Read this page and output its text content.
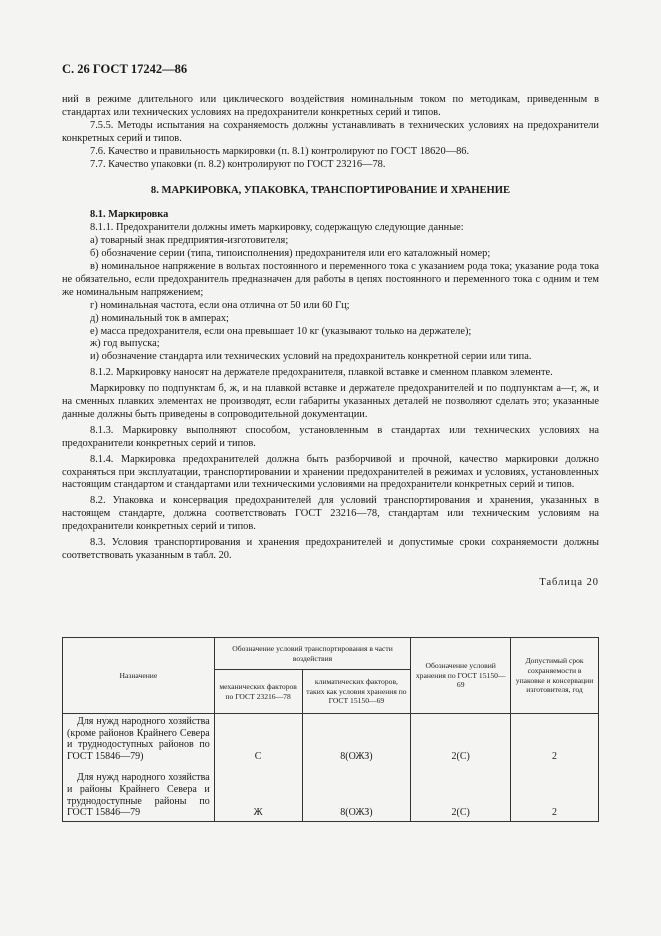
С. 26 ГОСТ 17242—86

ний в режиме длительного или циклического воздействия номинальным током по методикам, приведенным в стандартах или технических условиях на предохранители конкретных серий и типов.

7.5.5. Методы испытания на сохраняемость должны устанавливать в технических условиях на предохранители конкретных серий и типов.

7.6. Качество и правильность маркировки (п. 8.1) контролируют по ГОСТ 18620—86.

7.7. Качество упаковки (п. 8.2) контролируют по ГОСТ 23216—78.

8. МАРКИРОВКА, УПАКОВКА, ТРАНСПОРТИРОВАНИЕ И ХРАНЕНИЕ

8.1. Маркировка

8.1.1. Предохранители должны иметь маркировку, содержащую следующие данные:

а) товарный знак предприятия-изготовителя;

б) обозначение серии (типа, типоисполнения) предохранителя или его каталожный номер;

в) номинальное напряжение в вольтах постоянного и переменного тока с указанием рода тока; указание рода тока не обязательно, если предохранитель предназначен для работы в цепях постоянного и переменного тока с одним и тем же номинальным напряжением;

г) номинальная частота, если она отлична от 50 или 60 Гц;

д) номинальный ток в амперах;

е) масса предохранителя, если она превышает 10 кг (указывают только на держателе);

ж) год выпуска;

и) обозначение стандарта или технических условий на предохранитель конкретной серии или типа.

8.1.2. Маркировку наносят на держателе предохранителя, плавкой вставке и сменном плавком элементе.

Маркировку по подпунктам б, ж, и на плавкой вставке и держателе предохранителей и по подпунктам а—г, ж, и на сменных плавких элементах не производят, если габариты указанных деталей не позволяют сделать это; указанные данные должны быть приведены в сопроводительной документации.

8.1.3. Маркировку выполняют способом, установленным в стандартах или технических условиях на предохранители конкретных серий и типов.

8.1.4. Маркировка предохранителей должна быть разборчивой и прочной, качество маркировки должно сохраняться при эксплуатации, транспортировании и хранении предохранителей в режимах и условиях, установленных настоящим стандартом и стандартами или техническими условиями на предохранители конкретных серий и типов.

8.2. Упаковка и консервация предохранителей для условий транспортирования и хранения, указанных в настоящем стандарте, должна соответствовать ГОСТ 23216—78, стандартам или техническим условиям на предохранители конкретных серий и типов.

8.3. Условия транспортирования и хранения предохранителей и допустимые сроки сохраняемости должны соответствовать указанным в табл. 20.

Таблица 20

Назначение	Обозначение условий транспортирования в части воздействия		Обозначение условий хранения по ГОСТ 15150—69	Допустимый срок сохраняемости в упаковке и консервации изготовителя, год
	механических факторов по ГОСТ 23216—78	климатических факторов, таких как условия хранения по ГОСТ 15150—69		
Для нужд народного хозяйства (кроме районов Крайнего Севера и труднодоступных районов по ГОСТ 15846—79)	С	8(ОЖЗ)	2(С)	2
Для нужд народного хозяйства и районы Крайнего Севера и труднодоступные районы по ГОСТ 15846—79	Ж	8(ОЖЗ)	2(С)	2
